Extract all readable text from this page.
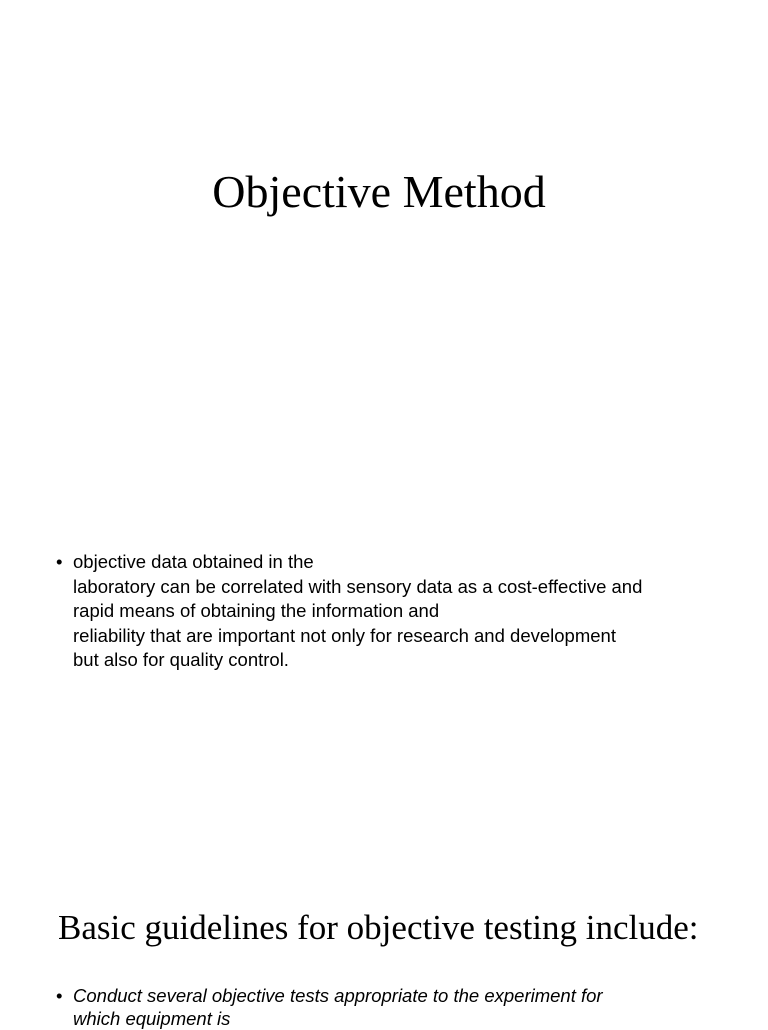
Objective Method
• objective data obtained in the
laboratory can be correlated with sensory data as a cost-effective and
rapid means of obtaining the information and
reliability that are important not only for research and development
but also for quality control.
Basic guidelines for objective testing include:
• Conduct several objective tests appropriate to the experiment for
which equipment is
